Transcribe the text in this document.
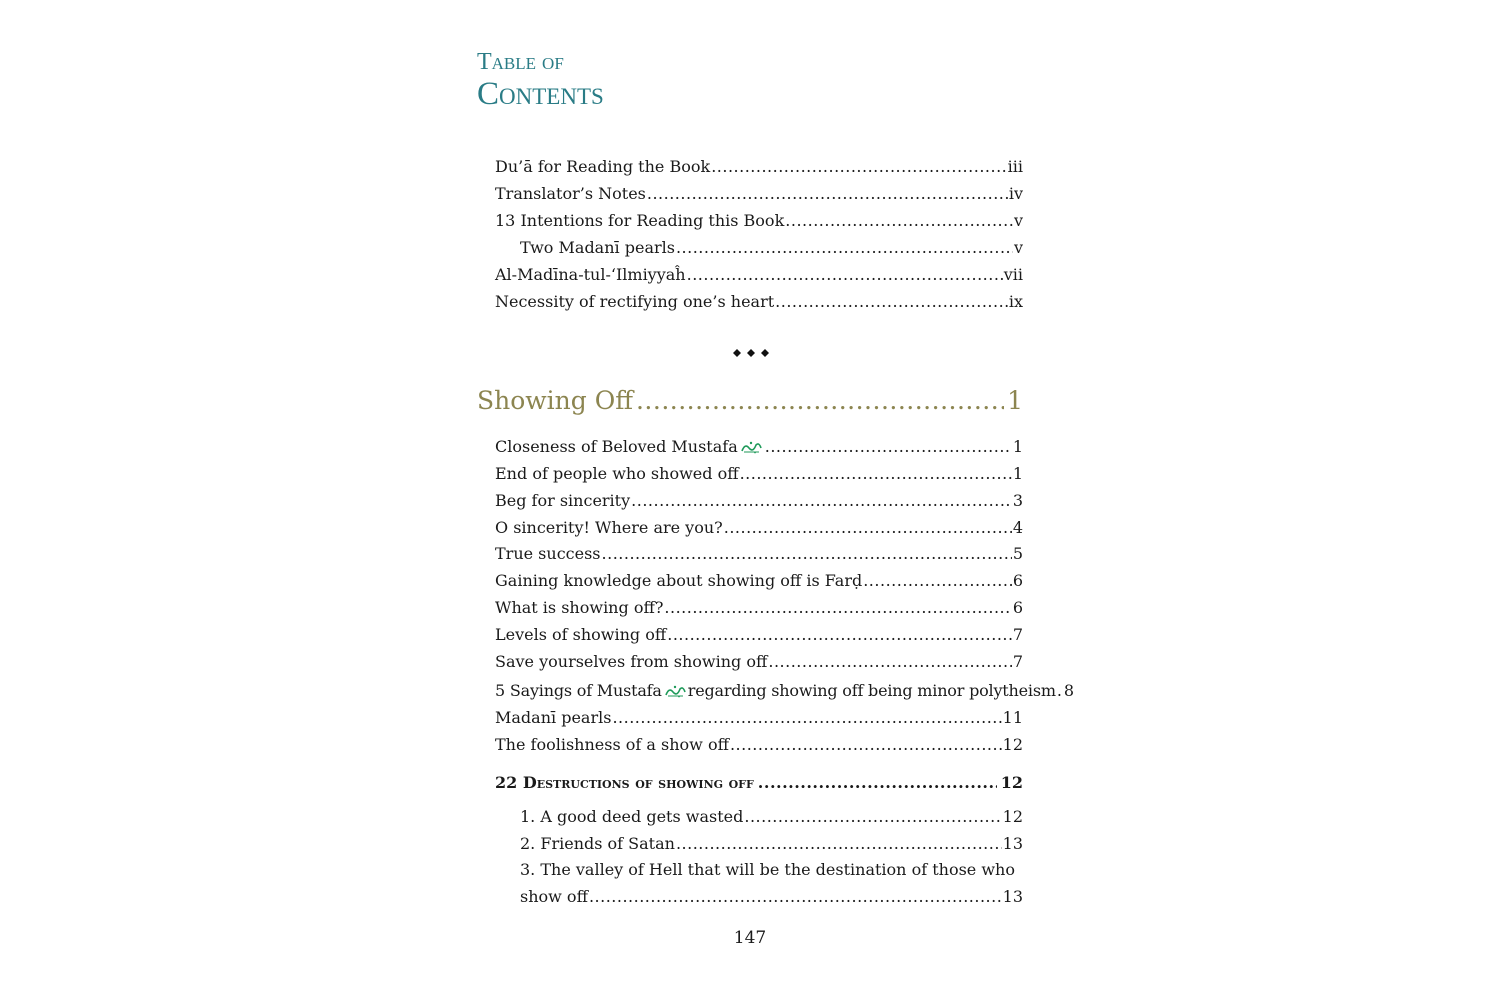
Table of
Contents
Du’ā for Reading the Book .....	iii
Translator’s Notes .....	iv
13 Intentions for Reading this Book .....	v
Two Madanī pearls .....	v
Al-Madīna-tul-‘Ilmiyyaĥ .....	vii
Necessity of rectifying one’s heart .....	ix
Showing Off .....	1
Closeness of Beloved Mustafa .....	1
End of people who showed off .....	1
Beg for sincerity .....	3
O sincerity! Where are you? .....	4
True success .....	5
Gaining knowledge about showing off is Farḍ .....	6
What is showing off? .....	6
Levels of showing off .....	7
Save yourselves from showing off .....	7
5 Sayings of Mustafa regarding showing off being minor polytheism ..... 8
Madanī pearls .....	11
The foolishness of a show off .....	12
22 Destructions of showing off .....	12
1. A good deed gets wasted .....	12
2. Friends of Satan .....	13
3. The valley of Hell that will be the destination of those who
show off .....	13
147
